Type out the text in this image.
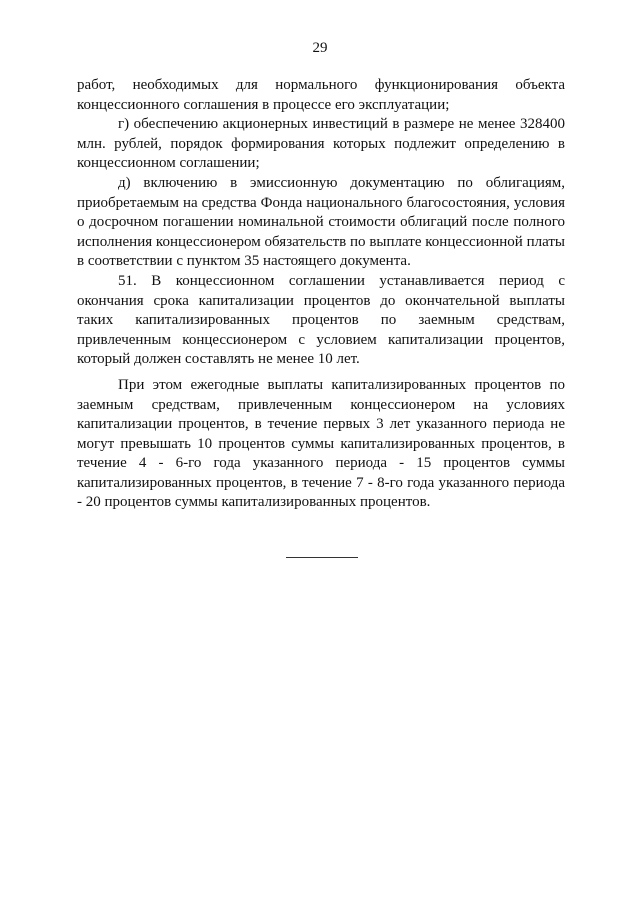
29

работ, необходимых для нормального функционирования объекта концессионного соглашения в процессе его эксплуатации;

г) обеспечению акционерных инвестиций в размере не менее 328400 млн. рублей, порядок формирования которых подлежит определению в концессионном соглашении;

д) включению в эмиссионную документацию по облигациям, приобретаемым на средства Фонда национального благосостояния, условия о досрочном погашении номинальной стоимости облигаций после полного исполнения концессионером обязательств по выплате концессионной платы в соответствии с пунктом 35 настоящего документа.

51. В концессионном соглашении устанавливается период с окончания срока капитализации процентов до окончательной выплаты таких капитализированных процентов по заемным средствам, привлеченным концессионером с условием капитализации процентов, который должен составлять не менее 10 лет.

При этом ежегодные выплаты капитализированных процентов по заемным средствам, привлеченным концессионером на условиях капитализации процентов, в течение первых 3 лет указанного периода не могут превышать 10 процентов суммы капитализированных процентов, в течение 4 - 6-го года указанного периода - 15 процентов суммы капитализированных процентов, в течение 7 - 8-го года указанного периода - 20 процентов суммы капитализированных процентов.
